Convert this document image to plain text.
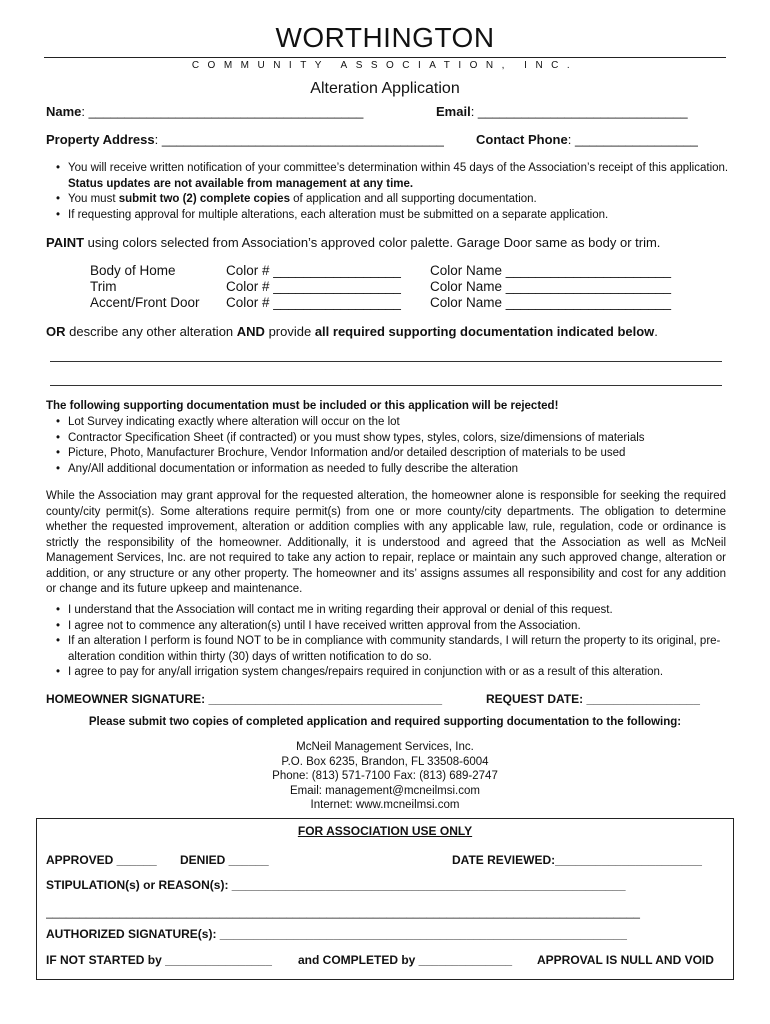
WORTHINGTON
COMMUNITY ASSOCIATION, INC.
Alteration Application
Name: ______________________________________	Email: _____________________________
Property Address: _______________________________________ Contact Phone: _________________
• You will receive written notification of your committee’s determination within 45 days of the Association’s receipt of this application. Status updates are not available from management at any time.
• You must submit two (2) complete copies of application and all supporting documentation.
• If requesting approval for multiple alterations, each alteration must be submitted on a separate application.
PAINT using colors selected from Association’s approved color palette. Garage Door same as body or trim.
Body of Home	Color # _________________ Color Name ______________________
Trim	Color # _________________ Color Name ______________________
Accent/Front Door Color # _________________ Color Name ______________________
OR describe any other alteration AND provide all required supporting documentation indicated below.
The following supporting documentation must be included or this application will be rejected!
• Lot Survey indicating exactly where alteration will occur on the lot
• Contractor Specification Sheet (if contracted) or you must show types, styles, colors, size/dimensions of materials
• Picture, Photo, Manufacturer Brochure, Vendor Information and/or detailed description of materials to be used
• Any/All additional documentation or information as needed to fully describe the alteration
While the Association may grant approval for the requested alteration, the homeowner alone is responsible for seeking the required county/city permit(s). Some alterations require permit(s) from one or more county/city departments. The obligation to determine whether the requested improvement, alteration or addition complies with any applicable law, rule, regulation, code or ordinance is strictly the responsibility of the homeowner. Additionally, it is understood and agreed that the Association as well as McNeil Management Services, Inc. are not required to take any action to repair, replace or maintain any such approved change, alteration or addition, or any structure or any other property. The homeowner and its’ assigns assumes all responsibility and cost for any addition or change and its future upkeep and maintenance.
• I understand that the Association will contact me in writing regarding their approval or denial of this request.
• I agree not to commence any alteration(s) until I have received written approval from the Association.
• If an alteration I perform is found NOT to be in compliance with community standards, I will return the property to its original, pre-alteration condition within thirty (30) days of written notification to do so.
• I agree to pay for any/all irrigation system changes/repairs required in conjunction with or as a result of this alteration.
HOMEOWNER SIGNATURE: ___________________________________	REQUEST DATE: _________________
Please submit two copies of completed application and required supporting documentation to the following:
McNeil Management Services, Inc.
P.O. Box 6235, Brandon, FL 33508-6004
Phone: (813) 571-7100 Fax: (813) 689-2747
Email: management@mcneilmsi.com
Internet: www.mcneilmsi.com
FOR ASSOCIATION USE ONLY
APPROVED ______ DENIED ______	DATE REVIEWED:______________________
STIPULATION(s) or REASON(s): ___________________________________________________________
_________________________________________________________________________________________
AUTHORIZED SIGNATURE(s): _____________________________________________________________
IF NOT STARTED by ________________ and COMPLETED by ______________ APPROVAL IS NULL AND VOID
